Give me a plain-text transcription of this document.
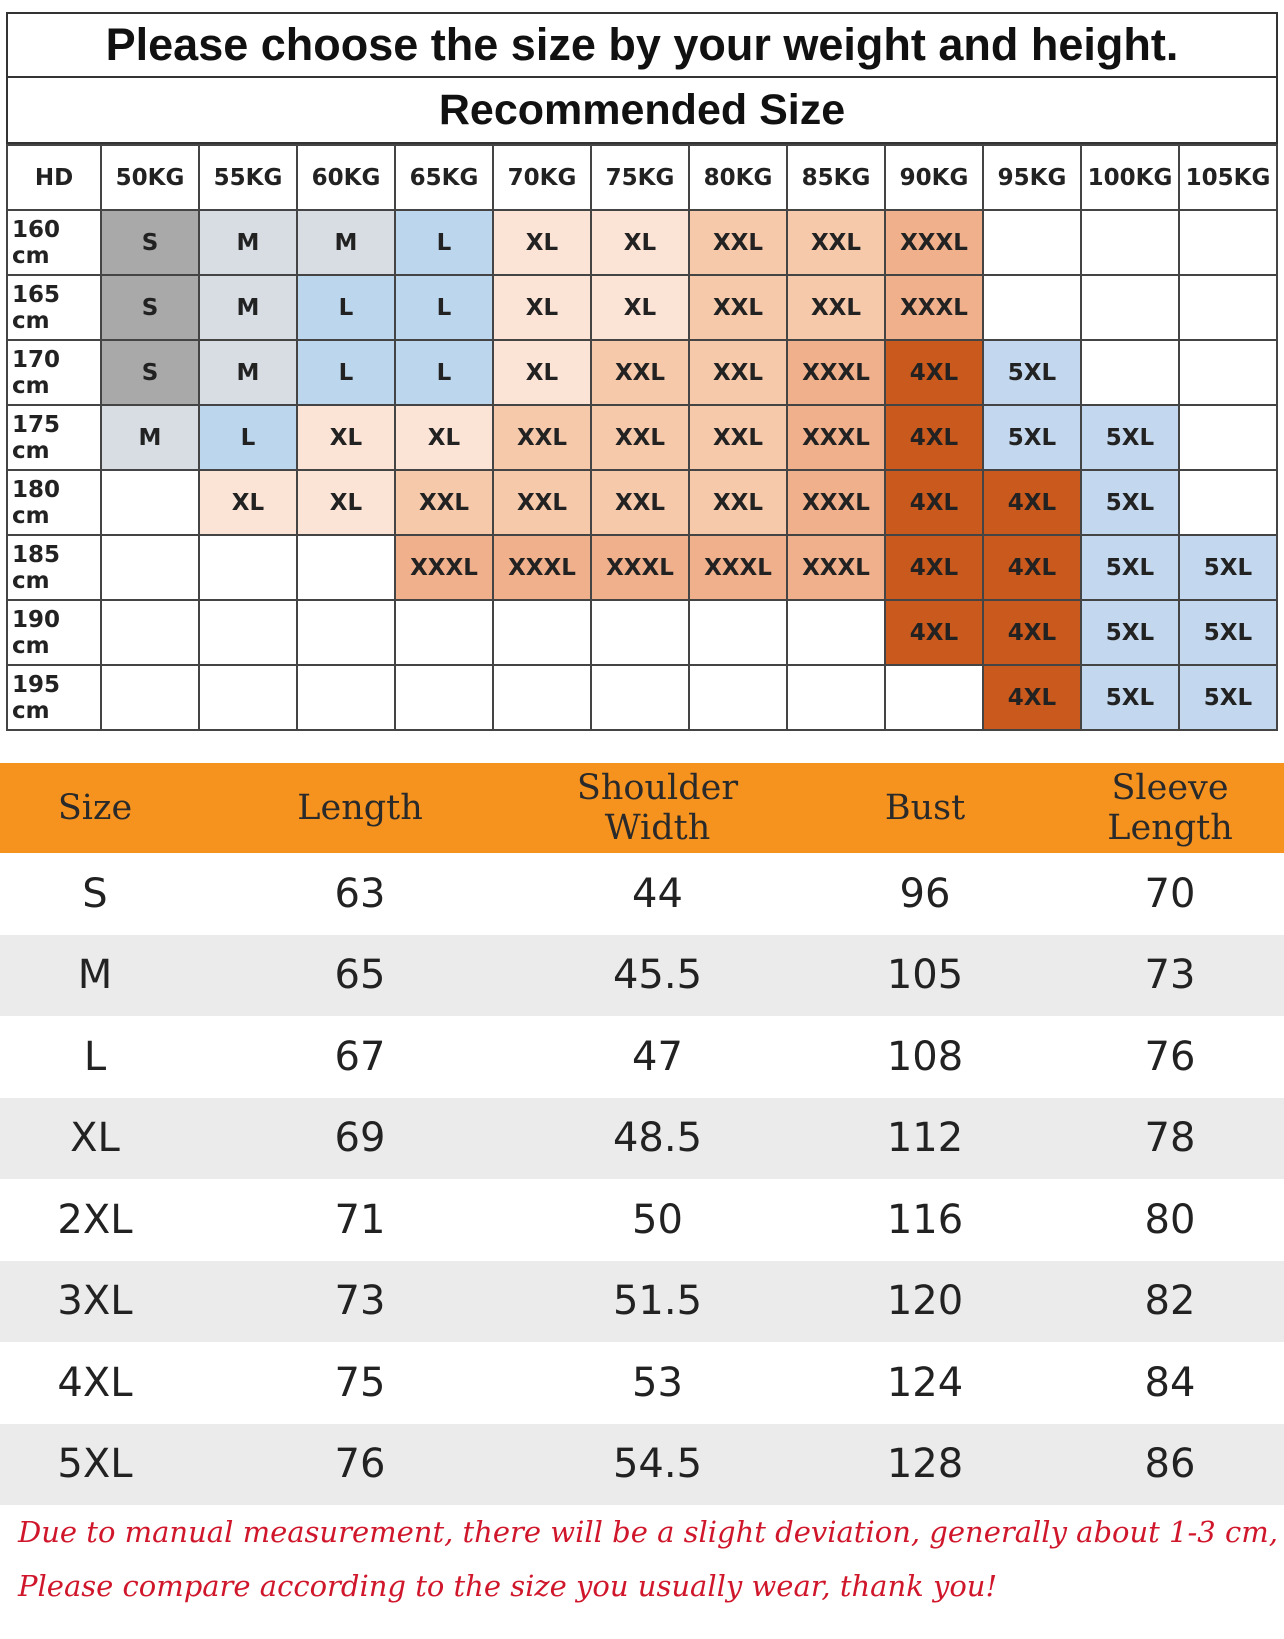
Please choose the size by your weight and height.
Recommended Size
HD	50KG	55KG	60KG	65KG	70KG	75KG	80KG	85KG	90KG	95KG	100KG	105KG
160 cm	S	M	M	L	XL	XL	XXL	XXL	XXXL			
165 cm	S	M	L	L	XL	XL	XXL	XXL	XXXL			
170 cm	S	M	L	L	XL	XXL	XXL	XXXL	4XL	5XL		
175 cm	M	L	XL	XL	XXL	XXL	XXL	XXXL	4XL	5XL	5XL	
180 cm		XL	XL	XXL	XXL	XXL	XXL	XXXL	4XL	4XL	5XL	
185 cm				XXXL	XXXL	XXXL	XXXL	XXXL	4XL	4XL	5XL	5XL
190 cm									4XL	4XL	5XL	5XL
195 cm										4XL	5XL	5XL
Size	Length	Shoulder Width	Bust	Sleeve Length
S	63	44	96	70
M	65	45.5	105	73
L	67	47	108	76
XL	69	48.5	112	78
2XL	71	50	116	80
3XL	73	51.5	120	82
4XL	75	53	124	84
5XL	76	54.5	128	86
Due to manual measurement, there will be a slight deviation, generally about 1-3 cm,
Please compare according to the size you usually wear, thank you!
